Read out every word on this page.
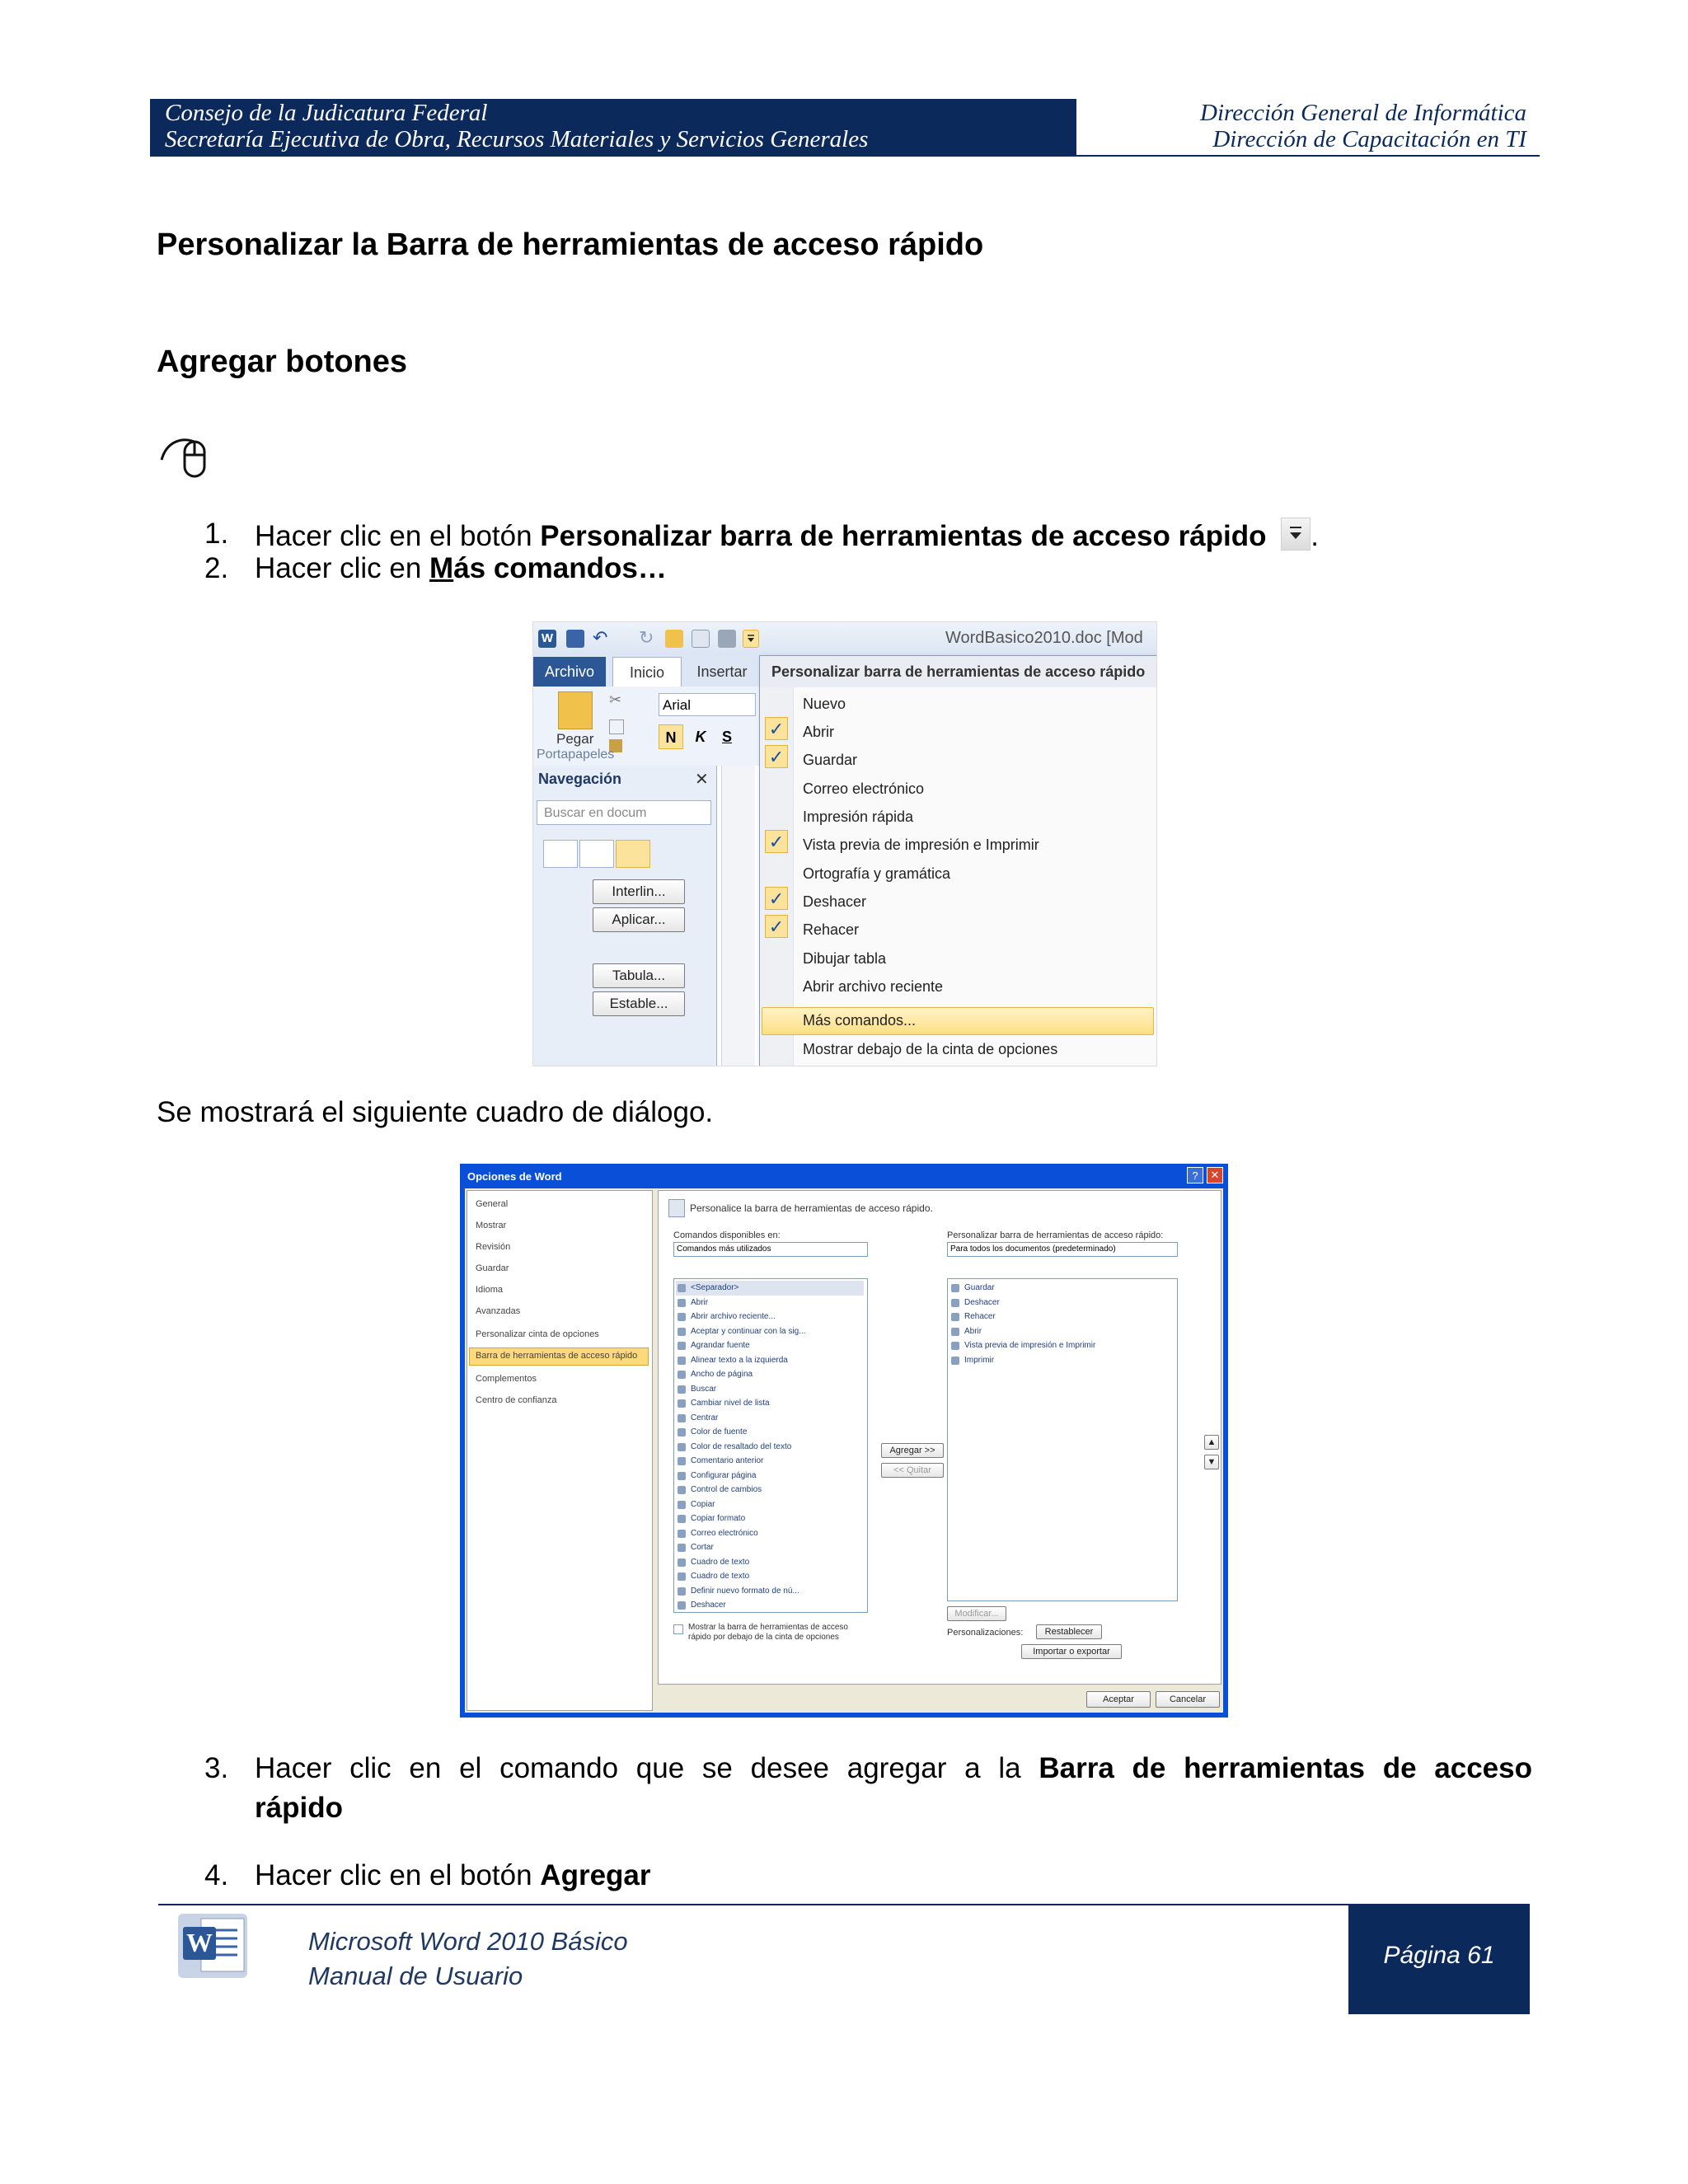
Consejo de la Judicatura Federal
Secretaría Ejecutiva de Obra, Recursos Materiales y Servicios Generales
Dirección General de Informática
Dirección de Capacitación en TI
Personalizar la Barra de herramientas de acceso rápido
Agregar botones
1. Hacer clic en el botón Personalizar barra de herramientas de acceso rápido .
2. Hacer clic en Más comandos…
W ↶ ↻	WordBasico2010.doc [Mod
Archivo	Inicio	Insertar
Pegar
✂
Portapapeles
Arial
N	K	S
Navegación	✕
Buscar en docum
Interlin...
Aplicar...
Tabula...
Estable...
Personalizar barra de herramientas de acceso rápido
Nuevo
✓ Abrir
✓ Guardar
Correo electrónico
Impresión rápida
✓ Vista previa de impresión e Imprimir
Ortografía y gramática
✓ Deshacer
✓ Rehacer
Dibujar tabla
Abrir archivo reciente
Más comandos...
Mostrar debajo de la cinta de opciones
Se mostrará el siguiente cuadro de diálogo.
Opciones de Word	?	✕
General
Mostrar
Revisión
Guardar
Idioma
Avanzadas
Personalizar cinta de opciones
Barra de herramientas de acceso rápido
Complementos
Centro de confianza
Personalice la barra de herramientas de acceso rápido.
Comandos disponibles en:
Comandos más utilizados
Personalizar barra de herramientas de acceso rápido:
Para todos los documentos (predeterminado)
<Separador>
Abrir
Abrir archivo reciente...
Aceptar y continuar con la sig...
Agrandar fuente
Alinear texto a la izquierda
Ancho de página
Buscar
Cambiar nivel de lista
Centrar
Color de fuente
Color de resaltado del texto
Comentario anterior
Configurar página
Control de cambios
Copiar
Copiar formato
Correo electrónico
Cortar
Cuadro de texto
Cuadro de texto
Definir nuevo formato de nú...
Deshacer
Agregar >>
<< Quitar
Guardar
Deshacer
Rehacer
Abrir
Vista previa de impresión e Imprimir
Imprimir
▲
▼
Modificar...
Mostrar la barra de herramientas de acceso rápido por debajo de la cinta de opciones	Personalizaciones:	Restablecer
Importar o exportar
Aceptar	Cancelar
3. Hacer clic en el comando que se desee agregar a la Barra de herramientas de acceso
rápido
4. Hacer clic en el botón Agregar
W	Microsoft Word 2010 Básico
Manual de Usuario
Página 61
